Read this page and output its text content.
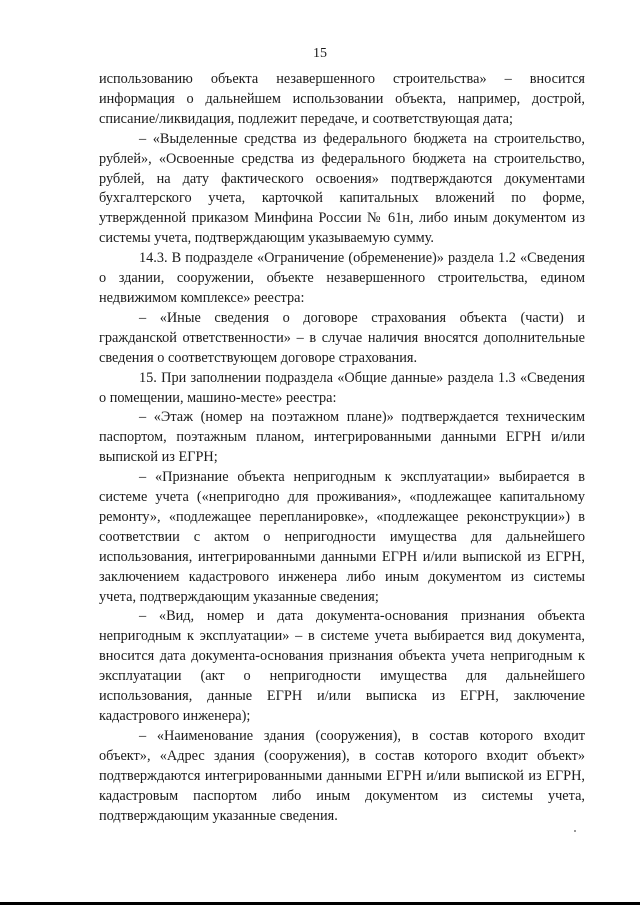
15

использованию объекта незавершенного строительства» – вносится информация о дальнейшем использовании объекта, например, дострой, списание/ликвидация, подлежит передаче, и соответствующая дата;

– «Выделенные средства из федерального бюджета на строительство, рублей», «Освоенные средства из федерального бюджета на строительство, рублей, на дату фактического освоения» подтверждаются документами бухгалтерского учета, карточкой капитальных вложений по форме, утвержденной приказом Минфина России № 61н, либо иным документом из системы учета, подтверждающим указываемую сумму.

14.3. В подразделе «Ограничение (обременение)» раздела 1.2 «Сведения о здании, сооружении, объекте незавершенного строительства, едином недвижимом комплексе» реестра:

– «Иные сведения о договоре страхования объекта (части) и гражданской ответственности» – в случае наличия вносятся дополнительные сведения о соответствующем договоре страхования.

15. При заполнении подраздела «Общие данные» раздела 1.3 «Сведения о помещении, машино-месте» реестра:

– «Этаж (номер на поэтажном плане)» подтверждается техническим паспортом, поэтажным планом, интегрированными данными ЕГРН и/или выпиской из ЕГРН;

– «Признание объекта непригодным к эксплуатации» выбирается в системе учета («непригодно для проживания», «подлежащее капитальному ремонту», «подлежащее перепланировке», «подлежащее реконструкции») в соответствии с актом о непригодности имущества для дальнейшего использования, интегрированными данными ЕГРН и/или выпиской из ЕГРН, заключением кадастрового инженера либо иным документом из системы учета, подтверждающим указанные сведения;

– «Вид, номер и дата документа-основания признания объекта непригодным к эксплуатации» – в системе учета выбирается вид документа, вносится дата документа-основания признания объекта учета непригодным к эксплуатации (акт о непригодности имущества для дальнейшего использования, данные ЕГРН и/или выписка из ЕГРН, заключение кадастрового инженера);

– «Наименование здания (сооружения), в состав которого входит объект», «Адрес здания (сооружения), в состав которого входит объект» подтверждаются интегрированными данными ЕГРН и/или выпиской из ЕГРН, кадастровым паспортом либо иным документом из системы учета, подтверждающим указанные сведения.
